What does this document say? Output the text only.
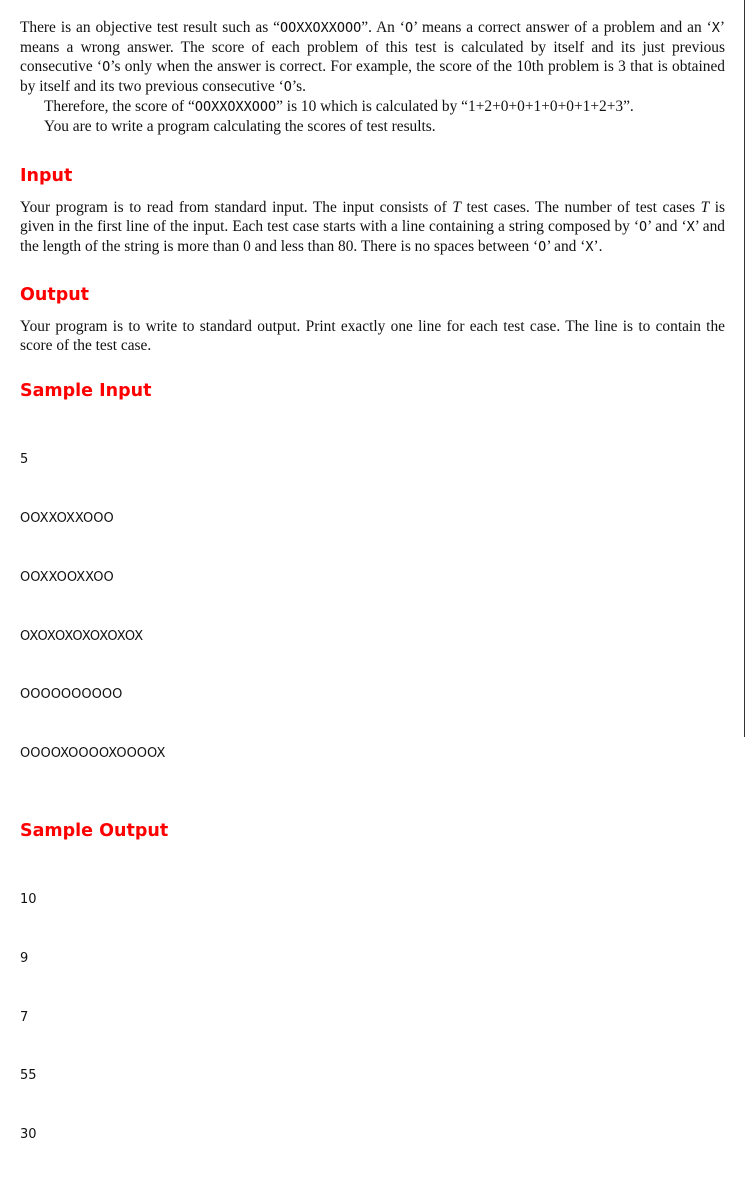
There is an objective test result such as “OOXXOXXOOO”. An ‘O’ means a correct answer of a problem and an ‘X’ means a wrong answer. The score of each problem of this test is calculated by itself and its just previous consecutive ‘O’s only when the answer is correct. For example, the score of the 10th problem is 3 that is obtained by itself and its two previous consecutive ‘O’s.

Therefore, the score of “OOXXOXXOOO” is 10 which is calculated by “1+2+0+0+1+0+0+1+2+3”.

You are to write a program calculating the scores of test results.

Input

Your program is to read from standard input. The input consists of T test cases. The number of test cases T is given in the first line of the input. Each test case starts with a line containing a string composed by ‘O’ and ‘X’ and the length of the string is more than 0 and less than 80. There is no spaces between ‘O’ and ‘X’.

Output

Your program is to write to standard output. Print exactly one line for each test case. The line is to contain the score of the test case.

Sample Input

5

OOXXOXXOOO

OOXXOOXXOO

OXOXOXOXOXOXOX

OOOOOOOOOO

OOOOXOOOOXOOOOX

Sample Output

10

9

7

55

30
